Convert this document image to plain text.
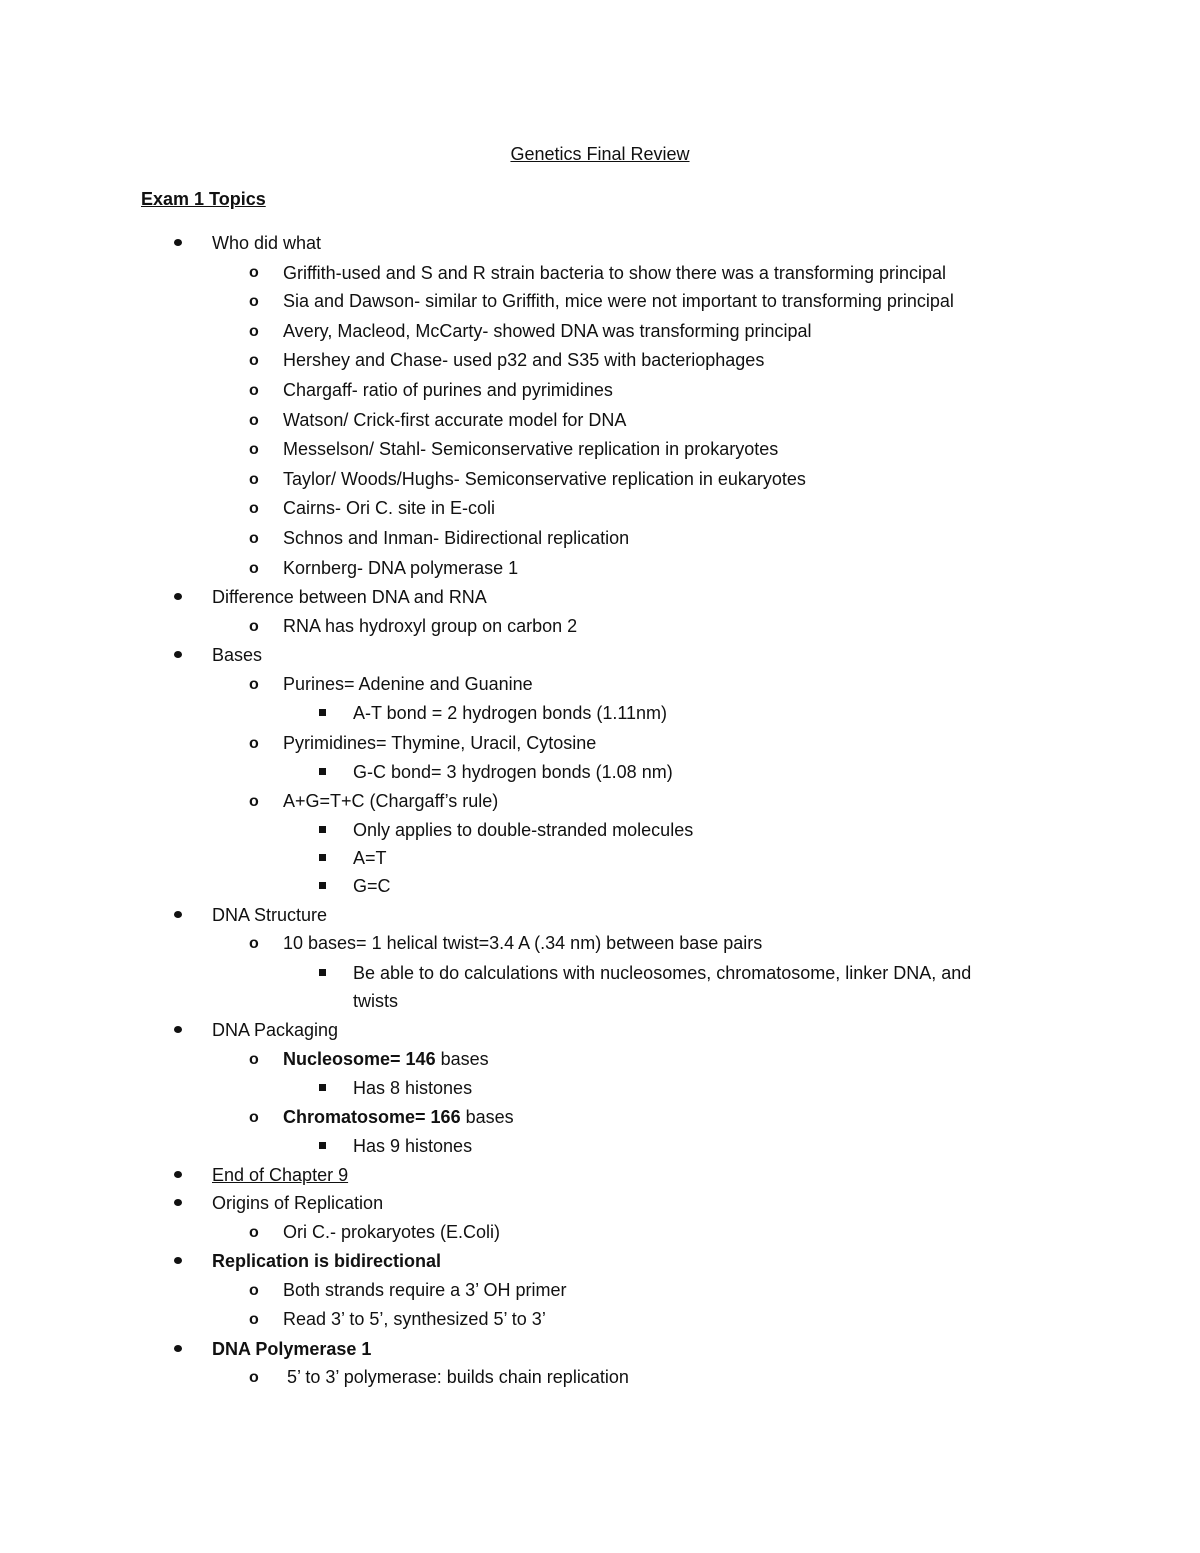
Genetics Final Review
Exam 1 Topics
Who did what
o Griffith-used and S and R strain bacteria to show there was a transforming principal
o Sia and Dawson- similar to Griffith, mice were not important to transforming principal
o Avery, Macleod, McCarty- showed DNA was transforming principal
o Hershey and Chase- used p32 and S35 with bacteriophages
o Chargaff- ratio of purines and pyrimidines
o Watson/ Crick-first accurate model for DNA
o Messelson/ Stahl- Semiconservative replication in prokaryotes
o Taylor/ Woods/Hughs- Semiconservative replication in eukaryotes
o Cairns- Ori C. site in E-coli
o Schnos and Inman- Bidirectional replication
o Kornberg- DNA polymerase 1
Difference between DNA and RNA
o RNA has hydroxyl group on carbon 2
Bases
o Purines= Adenine and Guanine
A-T bond = 2 hydrogen bonds (1.11nm)
o Pyrimidines= Thymine, Uracil, Cytosine
G-C bond= 3 hydrogen bonds (1.08 nm)
o A+G=T+C (Chargaff’s rule)
Only applies to double-stranded molecules
A=T
G=C
DNA Structure
o 10 bases= 1 helical twist=3.4 A (.34 nm) between base pairs
Be able to do calculations with nucleosomes, chromatosome, linker DNA, and
twists
DNA Packaging
o Nucleosome= 146 bases
Has 8 histones
o Chromatosome= 166 bases
Has 9 histones
End of Chapter 9
Origins of Replication
o Ori C.- prokaryotes (E.Coli)
Replication is bidirectional
o Both strands require a 3’ OH primer
o Read 3’ to 5’, synthesized 5’ to 3’
DNA Polymerase 1
o 5’ to 3’ polymerase: builds chain replication
